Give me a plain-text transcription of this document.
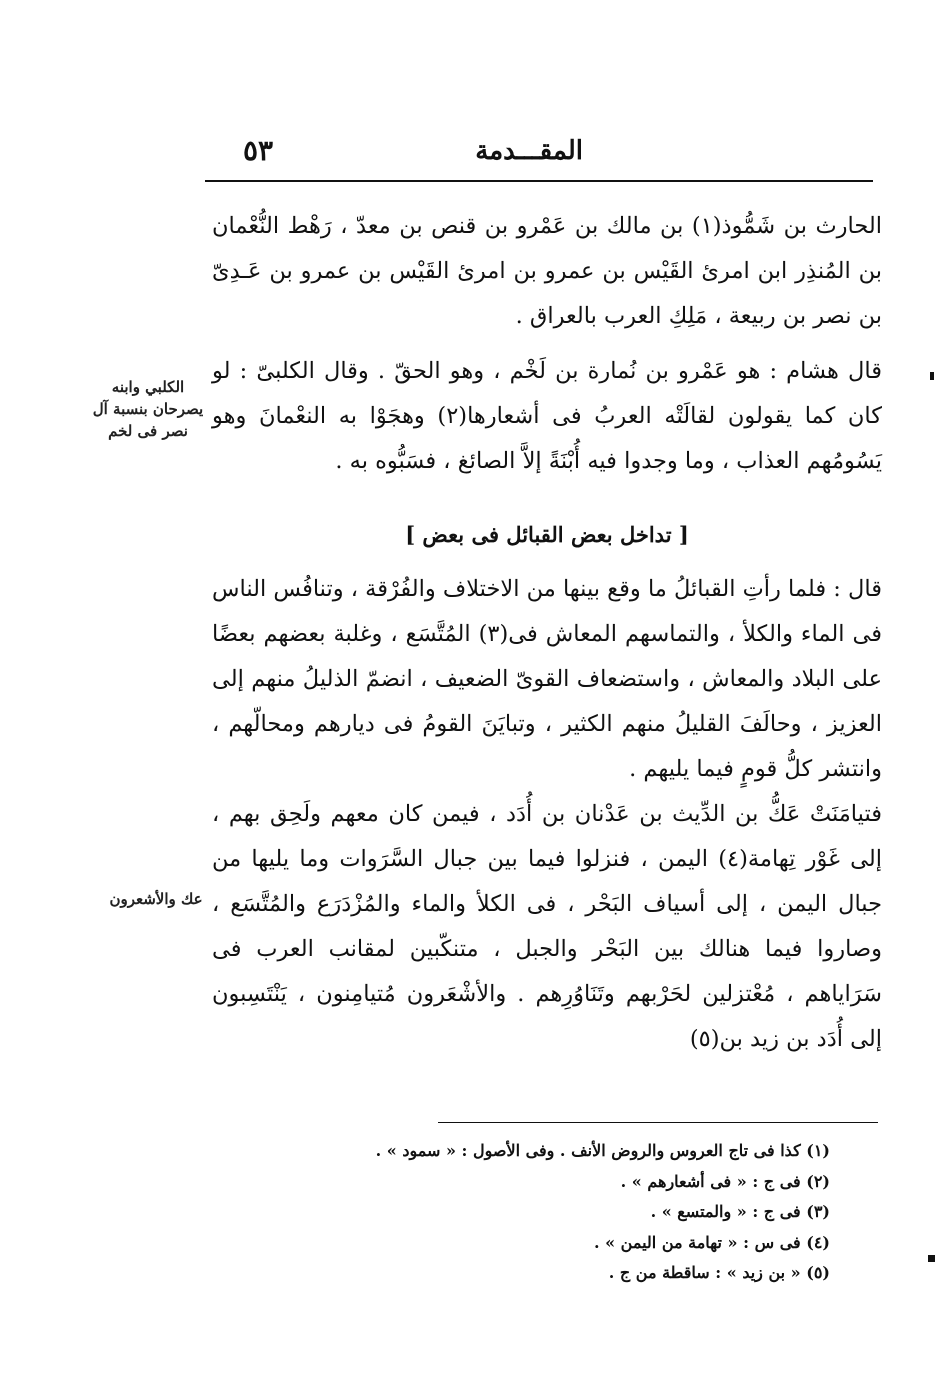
المقـــدمة
٥٣

الحارث بن شَمُّوذ(١) بن مالك بن عَمْرو بن قنص بن معدّ ، رَهْط النُّعْمان بن المُنذِر ابن امرئ القَيْس بن عمرو بن امرئ القَيْس بن عمرو بن عَـدِىّ بن نصر بن ربيعة ، مَلِكِ العرب بالعراق .

قال هشام : هو عَمْرو بن نُمارة بن لَخْم ، وهو الحقّ . وقال الكلبىّ : لو كان كما يقولون لقالَتْه العربُ فى أشعارها(٢) وهجَوْا به النعْمانَ وهو يَسُومُهم العذاب ، وما وجدوا فيه أُبْنَةً إلاَّ الصائغ ، فسَبُّوه به .

[ تداخل بعض القبائل فى بعض ]

قال : فلما رأتِ القبائلُ ما وقع بينها من الاختلاف والفُرْقة ، وتنافُس الناس فى الماء والكلأ ، والتماسهم المعاش فى(٣) المُتَّسَع ، وغلبة بعضهم بعضًا على البلاد والمعاش ، واستضعاف القوىّ الضعيف ، انضمّ الذليلُ منهم إلى العزيز ، وحالَفَ القليلُ منهم الكثير ، وتبايَنَ القومُ فى ديارهم ومحالّهم ، وانتشر كلُّ قومٍ فيما يليهم .

فتيامَنَتْ عَكُّ بن الدِّيث بن عَدْنان بن أُدَد ، فيمن كان معهم ولَحِق بهم ، إلى غَوْر تِهامة(٤) اليمن ، فنزلوا فيما بين جبال السَّرَوات وما يليها من جبال اليمن ، إلى أسياف البَحْر ، فى الكلأ والماء والمُزْدَرَع والمُتَّسَع ، وصاروا فيما هنالك بين البَحْر والجبل ، متنكّبين لمقانب العرب فى سَرَاياهم ، مُعْتزلين لحَرْبهم وتَنَاوُرِهم . والأشْعَرون مُتيامِنون ، يَنْتَسِبون إلى أُدَد بن زيد بن(٥)

الكلبي وابنه يصرحان بنسبة آل نصر فى لخم
عك والأشعرون
(١) كذا فى تاج العروس والروض الأنف . وفى الأصول : « سمود » .
(٢) فى ج : « فى أشعارهم » .
(٣) فى ج : « والمتسع » .
(٤) فى س : « تهامة من اليمن » .
(٥) « بن زيد » : ساقطة من ج .
